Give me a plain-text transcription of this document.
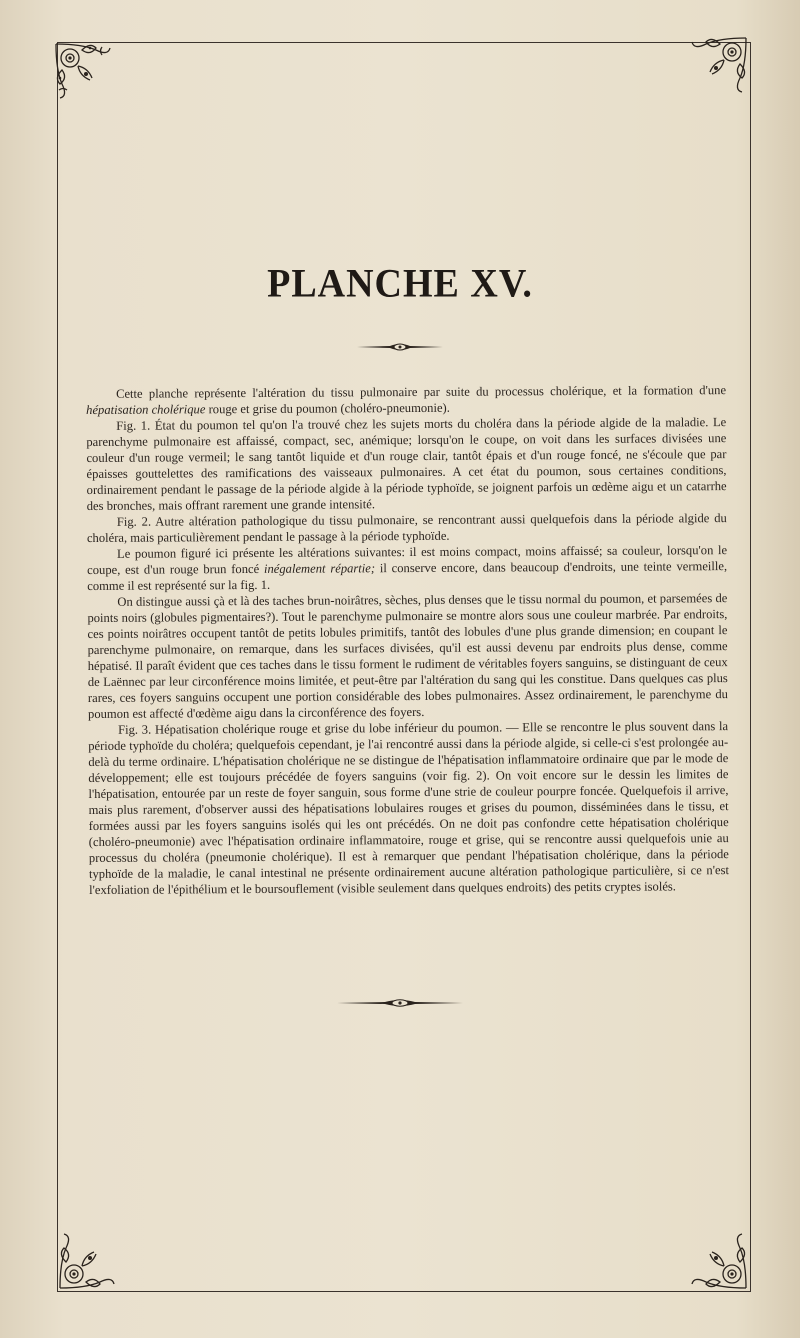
PLANCHE XV.

Cette planche représente l'altération du tissu pulmonaire par suite du processus cholérique, et la formation d'une hépatisation cholérique rouge et grise du poumon (choléro-pneumonie).

Fig. 1. État du poumon tel qu'on l'a trouvé chez les sujets morts du choléra dans la période algide de la maladie. Le parenchyme pulmonaire est affaissé, compact, sec, anémique; lorsqu'on le coupe, on voit dans les surfaces divisées une couleur d'un rouge vermeil; le sang tantôt liquide et d'un rouge clair, tantôt épais et d'un rouge foncé, ne s'écoule que par épaisses gouttelettes des ramifications des vaisseaux pulmonaires. A cet état du poumon, sous certaines conditions, ordinairement pendant le passage de la période algide à la période typhoïde, se joignent parfois un œdème aigu et un catarrhe des bronches, mais offrant rarement une grande intensité.

Fig. 2. Autre altération pathologique du tissu pulmonaire, se rencontrant aussi quelquefois dans la période algide du choléra, mais particulièrement pendant le passage à la période typhoïde.

Le poumon figuré ici présente les altérations suivantes: il est moins compact, moins affaissé; sa couleur, lorsqu'on le coupe, est d'un rouge brun foncé inégalement répartie; il conserve encore, dans beaucoup d'endroits, une teinte vermeille, comme il est représenté sur la fig. 1.

On distingue aussi çà et là des taches brun-noirâtres, sèches, plus denses que le tissu normal du poumon, et parsemées de points noirs (globules pigmentaires?). Tout le parenchyme pulmonaire se montre alors sous une couleur marbrée. Par endroits, ces points noirâtres occupent tantôt de petits lobules primitifs, tantôt des lobules d'une plus grande dimension; en coupant le parenchyme pulmonaire, on remarque, dans les surfaces divisées, qu'il est aussi devenu par endroits plus dense, comme hépatisé. Il paraît évident que ces taches dans le tissu forment le rudiment de véritables foyers sanguins, se distinguant de ceux de Laënnec par leur circonférence moins limitée, et peut-être par l'altération du sang qui les constitue. Dans quelques cas plus rares, ces foyers sanguins occupent une portion considérable des lobes pulmonaires. Assez ordinairement, le parenchyme du poumon est affecté d'œdème aigu dans la circonférence des foyers.

Fig. 3. Hépatisation cholérique rouge et grise du lobe inférieur du poumon. — Elle se rencontre le plus souvent dans la période typhoïde du choléra; quelquefois cependant, je l'ai rencontré aussi dans la période algide, si celle-ci s'est prolongée au-delà du terme ordinaire. L'hépatisation cholérique ne se distingue de l'hépatisation inflammatoire ordinaire que par le mode de développement; elle est toujours précédée de foyers sanguins (voir fig. 2). On voit encore sur le dessin les limites de l'hépatisation, entourée par un reste de foyer sanguin, sous forme d'une strie de couleur pourpre foncée. Quelquefois il arrive, mais plus rarement, d'observer aussi des hépatisations lobulaires rouges et grises du poumon, disséminées dans le tissu, et formées aussi par les foyers sanguins isolés qui les ont précédés. On ne doit pas confondre cette hépatisation cholérique (choléro-pneumonie) avec l'hépatisation ordinaire inflammatoire, rouge et grise, qui se rencontre aussi quelquefois unie au processus du choléra (pneumonie cholérique). Il est à remarquer que pendant l'hépatisation cholérique, dans la période typhoïde de la maladie, le canal intestinal ne présente ordinairement aucune altération pathologique particulière, si ce n'est l'exfoliation de l'épithélium et le boursouflement (visible seulement dans quelques endroits) des petits cryptes isolés.
